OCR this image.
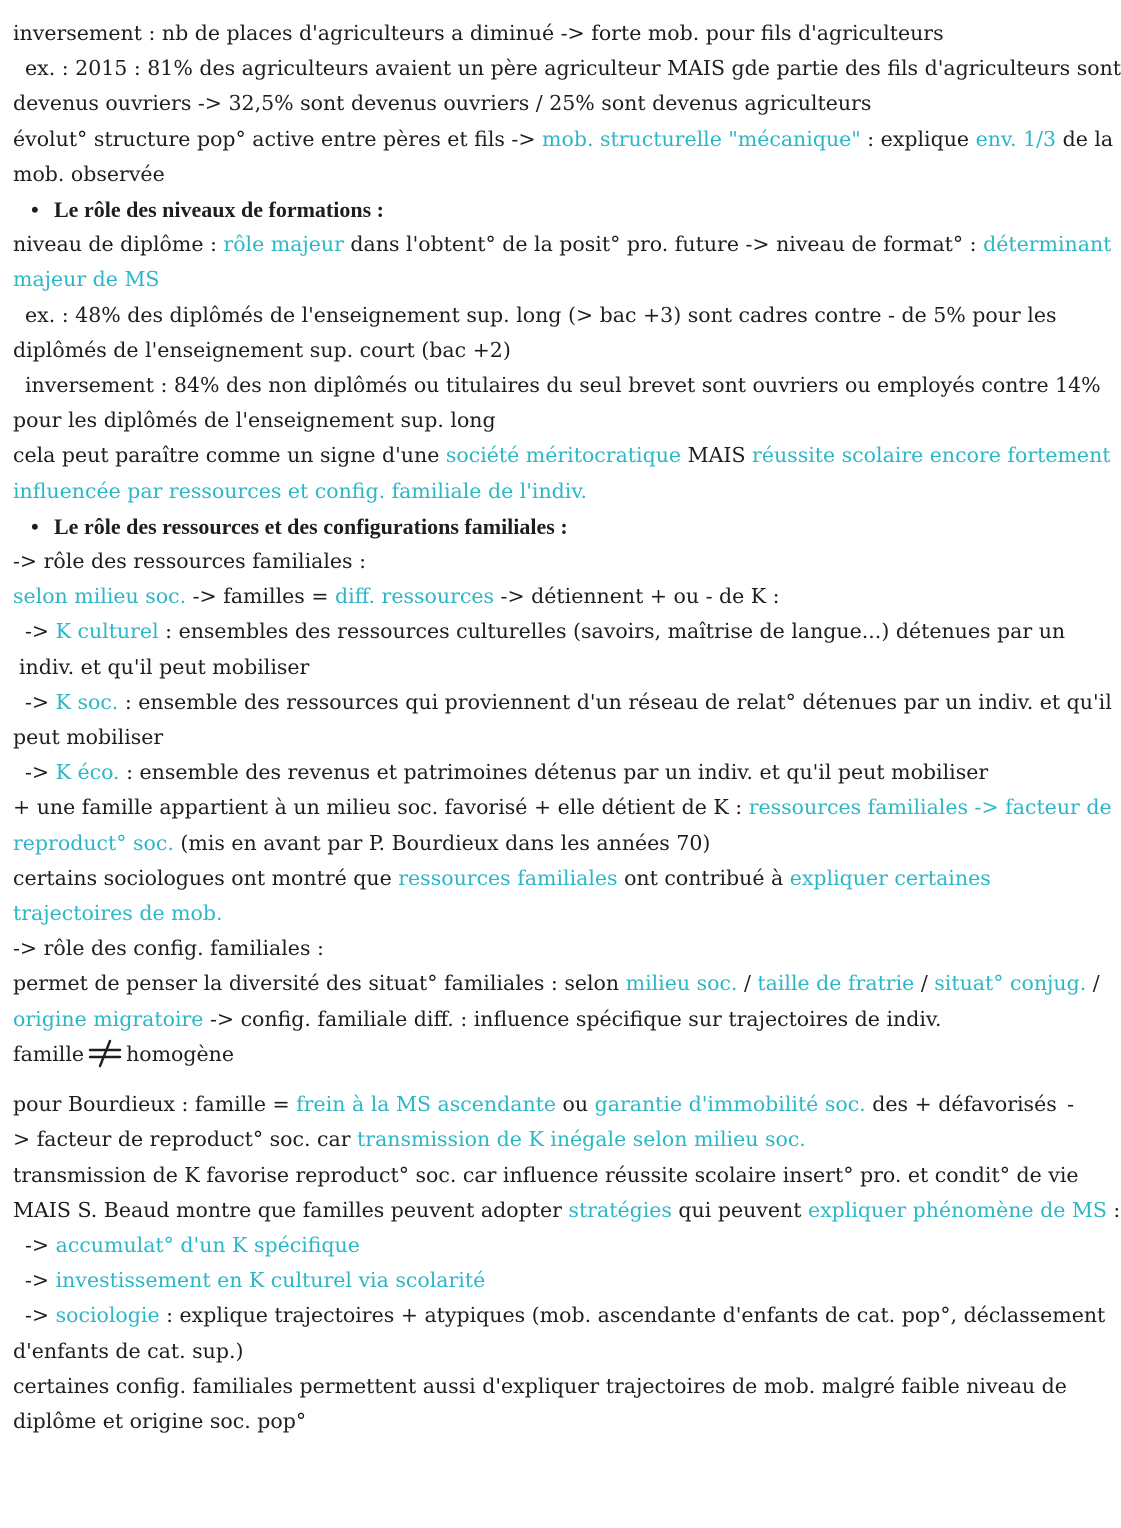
inversement : nb de places d'agriculteurs a diminué -> forte mob. pour fils d'agriculteurs
ex. : 2015 : 81% des agriculteurs avaient un père agriculteur MAIS gde partie des fils d'agriculteurs sont
devenus ouvriers -> 32,5% sont devenus ouvriers / 25% sont devenus agriculteurs
évolut° structure pop° active entre pères et fils -> mob. structurelle "mécanique" : explique env. 1/3 de la
mob. observée
• Le rôle des niveaux de formations :
niveau de diplôme : rôle majeur dans l'obtent° de la posit° pro. future -> niveau de format° : déterminant
majeur de MS
ex. : 48% des diplômés de l'enseignement sup. long (> bac +3) sont cadres contre - de 5% pour les
diplômés de l'enseignement sup. court (bac +2)
inversement : 84% des non diplômés ou titulaires du seul brevet sont ouvriers ou employés contre 14%
pour les diplômés de l'enseignement sup. long
cela peut paraître comme un signe d'une société méritocratique MAIS réussite scolaire encore fortement
influencée par ressources et config. familiale de l'indiv.
• Le rôle des ressources et des configurations familiales :
-> rôle des ressources familiales :
selon milieu soc. -> familles = diff. ressources -> détiennent + ou - de K :
-> K culturel : ensembles des ressources culturelles (savoirs, maîtrise de langue...) détenues par un
indiv. et qu'il peut mobiliser
-> K soc. : ensemble des ressources qui proviennent d'un réseau de relat° détenues par un indiv. et qu'il
peut mobiliser
-> K éco. : ensemble des revenus et patrimoines détenus par un indiv. et qu'il peut mobiliser
+ une famille appartient à un milieu soc. favorisé + elle détient de K : ressources familiales -> facteur de
reproduct° soc. (mis en avant par P. Bourdieux dans les années 70)
certains sociologues ont montré que ressources familiales ont contribué à expliquer certaines
trajectoires de mob.
-> rôle des config. familiales :
permet de penser la diversité des situat° familiales : selon milieu soc. / taille de fratrie / situat° conjug. /
origine migratoire -> config. familiale diff. : influence spécifique sur trajectoires de indiv.
famille homogène
pour Bourdieux : famille = frein à la MS ascendante ou garantie d'immobilité soc. des + défavorisés -
> facteur de reproduct° soc. car transmission de K inégale selon milieu soc.
transmission de K favorise reproduct° soc. car influence réussite scolaire insert° pro. et condit° de vie
MAIS S. Beaud montre que familles peuvent adopter stratégies qui peuvent expliquer phénomène de MS :
-> accumulat° d'un K spécifique
-> investissement en K culturel via scolarité
-> sociologie : explique trajectoires + atypiques (mob. ascendante d'enfants de cat. pop°, déclassement
d'enfants de cat. sup.)
certaines config. familiales permettent aussi d'expliquer trajectoires de mob. malgré faible niveau de
diplôme et origine soc. pop°
